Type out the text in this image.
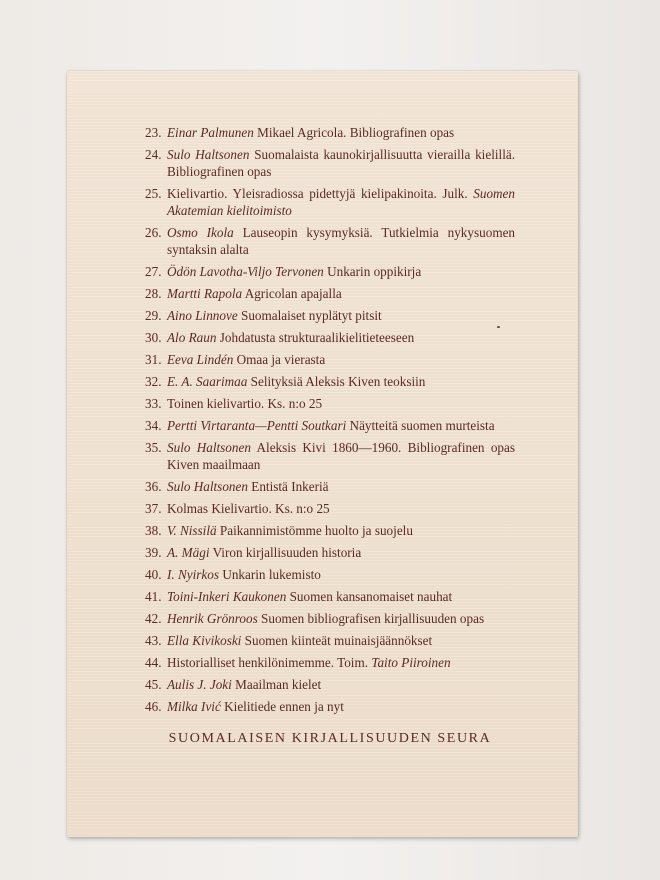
23. Einar Palmunen Mikael Agricola. Bibliografinen opas
24. Sulo Haltsonen Suomalaista kaunokirjallisuutta vierailla kielillä. Bibliografinen opas
25. Kielivartio. Yleisradiossa pidettyjä kielipakinoita. Julk. Suomen Akatemian kielitoimisto
26. Osmo Ikola Lauseopin kysymyksiä. Tutkielmia nykysuomen syntaksin alalta
27. Ödön Lavotha-Viljo Tervonen Unkarin oppikirja
28. Martti Rapola Agricolan apajalla
29. Aino Linnove Suomalaiset nyplätyt pitsit
30. Alo Raun Johdatusta strukturaalikielitieteeseen
31. Eeva Lindén Omaa ja vierasta
32. E. A. Saarimaa Selityksiä Aleksis Kiven teoksiin
33. Toinen kielivartio. Ks. n:o 25
34. Pertti Virtaranta—Pentti Soutkari Näytteitä suomen murteista
35. Sulo Haltsonen Aleksis Kivi 1860—1960. Bibliografinen opas Kiven maailmaan
36. Sulo Haltsonen Entistä Inkeriä
37. Kolmas Kielivartio. Ks. n:o 25
38. V. Nissilä Paikannimistömme huolto ja suojelu
39. A. Mägi Viron kirjallisuuden historia
40. I. Nyirkos Unkarin lukemisto
41. Toini-Inkeri Kaukonen Suomen kansanomaiset nauhat
42. Henrik Grönroos Suomen bibliografisen kirjallisuuden opas
43. Ella Kivikoski Suomen kiinteät muinaisjäännökset
44. Historialliset henkilönimemme. Toim. Taito Piiroinen
45. Aulis J. Joki Maailman kielet
46. Milka Ivić Kielitiede ennen ja nyt

SUOMALAISEN KIRJALLISUUDEN SEURA
